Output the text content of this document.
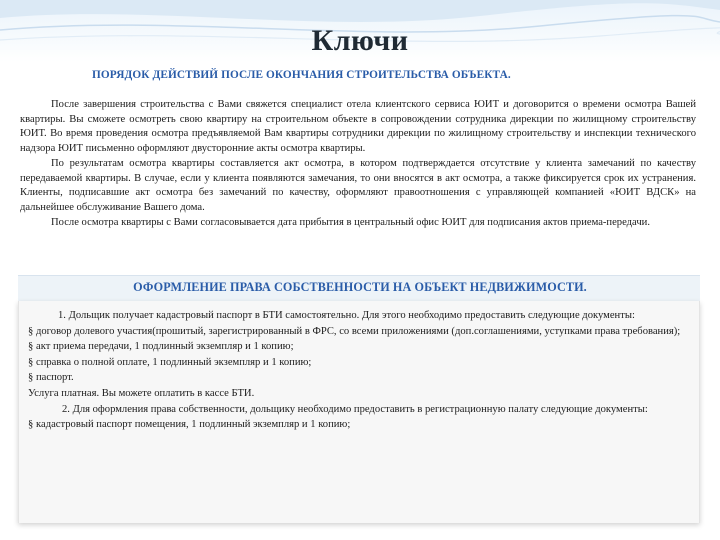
Ключи
ПОРЯДОК ДЕЙСТВИЙ ПОСЛЕ ОКОНЧАНИЯ СТРОИТЕЛЬСТВА ОБЪЕКТА.

После завершения строительства с Вами свяжется специалист отела клиентского сервиса ЮИТ и договорится о времени осмотра Вашей квартиры. Вы сможете осмотреть свою квартиру на строительном объекте в сопровождении сотрудника дирекции по жилищному строительству ЮИТ. Во время проведения осмотра предъявляемой Вам квартиры сотрудники дирекции по жилищному строительству и инспекции технического надзора ЮИТ письменно оформляют двусторонние акты осмотра квартиры.

По результатам осмотра квартиры составляется акт осмотра, в котором подтверждается отсутствие у клиента замечаний по качеству передаваемой квартиры. В случае, если у клиента появляются замечания, то они вносятся в акт осмотра, а также фиксируется срок их устранения. Клиенты, подписавшие акт осмотра без замечаний по качеству, оформляют правоотношения с управляющей компанией «ЮИТ ВДСК» на дальнейшее обслуживание Вашего дома.

После осмотра квартиры с Вами согласовывается дата прибытия в центральный офис ЮИТ для подписания актов приема-передачи.

ОФОРМЛЕНИЕ ПРАВА СОБСТВЕННОСТИ НА ОБЪЕКТ НЕДВИЖИМОСТИ.

1. Дольщик получает кадастровый паспорт в БТИ самостоятельно. Для этого необходимо предоставить следующие документы:

§ договор долевого участия(прошитый, зарегистрированный в ФРС, со всеми приложениями (доп.соглашениями, уступками права требования);

§ акт приема передачи, 1 подлинный экземпляр и 1 копию;

§ справка о полной оплате, 1 подлинный экземпляр и 1 копию;

§ паспорт.

Услуга платная. Вы можете оплатить в кассе БТИ.

2. Для оформления права собственности, дольщику необходимо предоставить в регистрационную палату следующие документы:

§ кадастровый паспорт помещения, 1 подлинный экземпляр и 1 копию;
